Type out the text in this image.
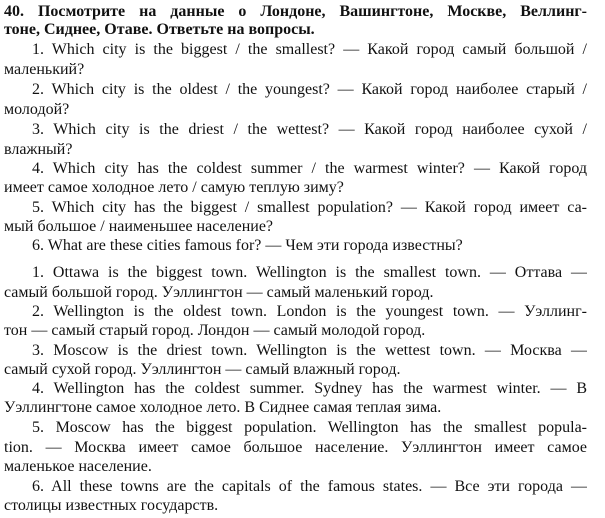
40. Посмотрите на данные о Лондоне, Вашингтоне, Москве, Веллинг-
тоне, Сиднее, Отаве. Ответьте на вопросы.
1. Which city is the biggest / the smallest? — Какой город самый большой /
маленький?
2. Which city is the oldest / the youngest? — Какой город наиболее старый /
молодой?
3. Which city is the driest / the wettest? — Какой город наиболее сухой /
влажный?
4. Which city has the coldest summer / the warmest winter? — Какой город
имеет самое холодное лето / самую теплую зиму?
5. Which city has the biggest / smallest population? — Какой город имеет са-
мый большое / наименьшее население?
6. What are these cities famous for? — Чем эти города известны?
1. Ottawa is the biggest town. Wellington is the smallest town. — Оттава —
самый большой город. Уэллингтон — самый маленький город.
2. Wellington is the oldest town. London is the youngest town. — Уэллинг-
тон — самый старый город. Лондон — самый молодой город.
3. Moscow is the driest town. Wellington is the wettest town. — Москва —
самый сухой город. Уэллингтон — самый влажный город.
4. Wellington has the coldest summer. Sydney has the warmest winter. — В
Уэллингтоне самое холодное лето. В Сиднее самая теплая зима.
5. Moscow has the biggest population. Wellington has the smallest popula-
tion. — Москва имеет самое большое население. Уэллингтон имеет самое
маленькое население.
6. All these towns are the capitals of the famous states. — Все эти города —
столицы известных государств.
